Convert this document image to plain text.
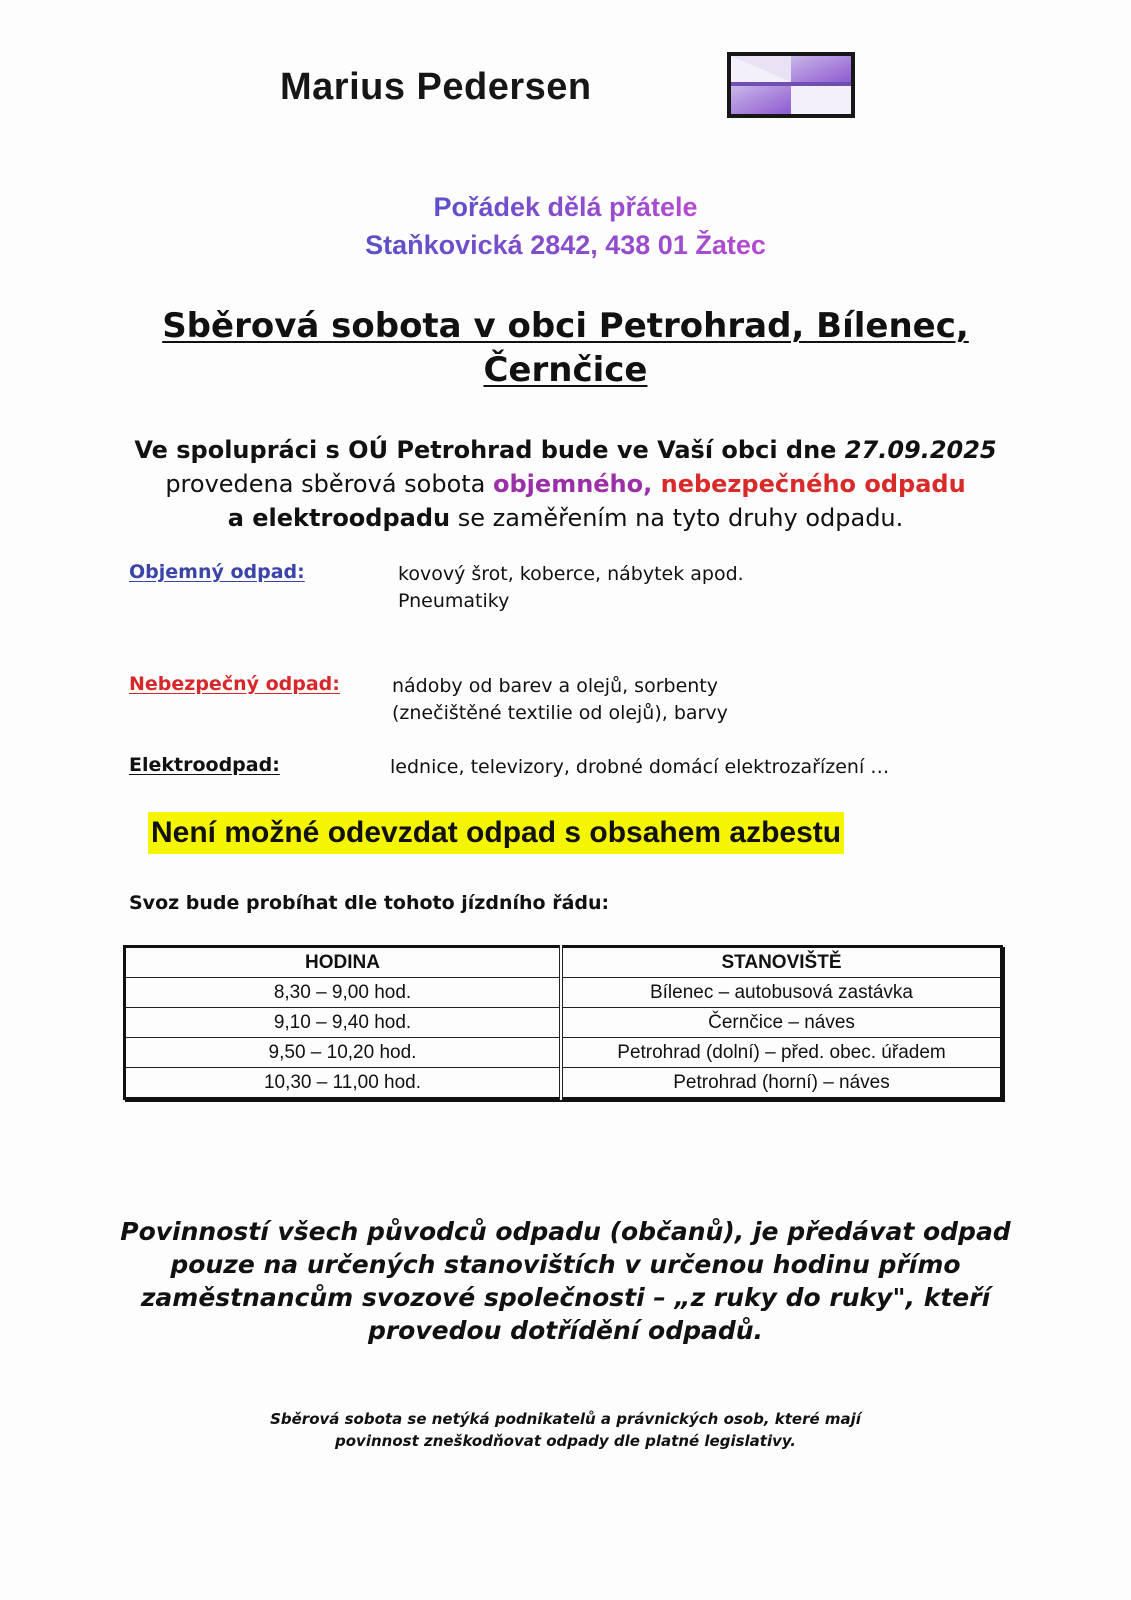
Marius Pedersen
Pořádek dělá přátele
Staňkovická 2842, 438 01 Žatec
Sběrová sobota v obci Petrohrad, Bílenec,
Černčice
Ve spolupráci s OÚ Petrohrad bude ve Vaší obci dne 27.09.2025
provedena sběrová sobota objemného, nebezpečného odpadu
a elektroodpadu se zaměřením na tyto druhy odpadu.
Objemný odpad:	kovový šrot, koberce, nábytek apod.
Pneumatiky
Nebezpečný odpad:	nádoby od barev a olejů, sorbenty
(znečištěné textilie od olejů), barvy
Elektroodpad:	lednice, televizory, drobné domácí elektrozařízení …
Není možné odevzdat odpad s obsahem azbestu
Svoz bude probíhat dle tohoto jízdního řádu:
HODINA	STANOVIŠTĚ
8,30 – 9,00 hod.	Bílenec – autobusová zastávka
9,10 – 9,40 hod.	Černčice – náves
9,50 – 10,20 hod.	Petrohrad (dolní) – před. obec. úřadem
10,30 – 11,00 hod.	Petrohrad (horní) – náves
Povinností všech původců odpadu (občanů), je předávat odpad
pouze na určených stanovištích v určenou hodinu přímo
zaměstnancům svozové společnosti – „z ruky do ruky", kteří
provedou dotřídění odpadů.
Sběrová sobota se netýká podnikatelů a právnických osob, které mají
povinnost zneškodňovat odpady dle platné legislativy.
